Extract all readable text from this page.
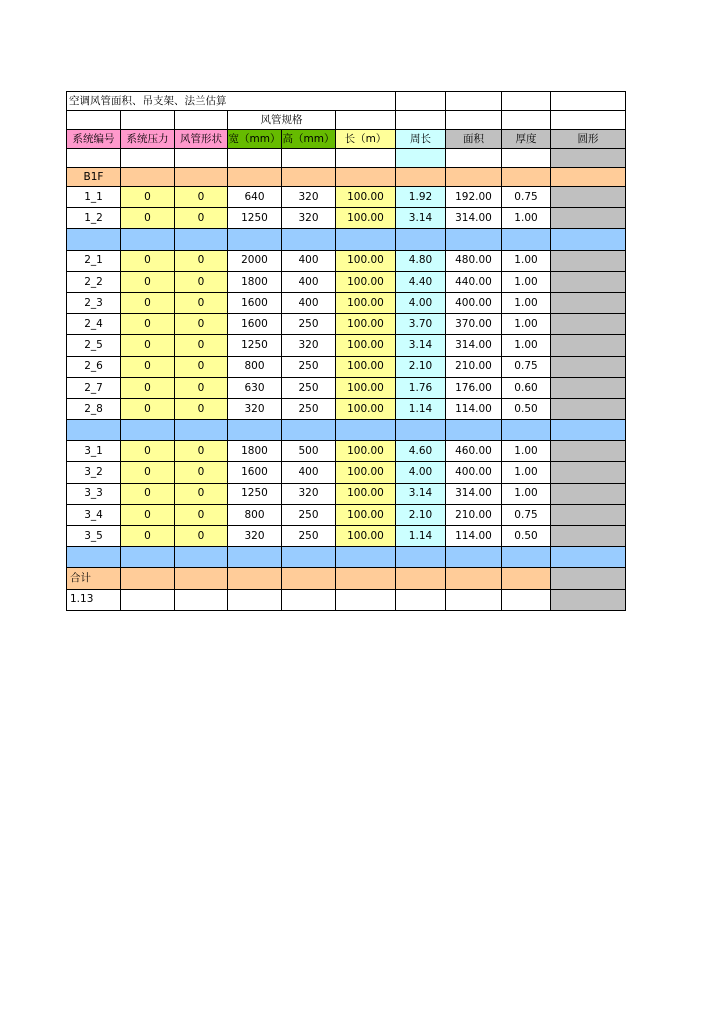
空调风管面积、吊支架、法兰估算									
			风管规格						
系统编号	系统压力	风管形状	宽（mm）	高（mm）	长（m）	周长	面积	厚度	圆形

B1F									
1_1	0	0	640	320	100.00	1.92	192.00	0.75	
1_2	0	0	1250	320	100.00	3.14	314.00	1.00	

2_1	0	0	2000	400	100.00	4.80	480.00	1.00	
2_2	0	0	1800	400	100.00	4.40	440.00	1.00	
2_3	0	0	1600	400	100.00	4.00	400.00	1.00	
2_4	0	0	1600	250	100.00	3.70	370.00	1.00	
2_5	0	0	1250	320	100.00	3.14	314.00	1.00	
2_6	0	0	800	250	100.00	2.10	210.00	0.75	
2_7	0	0	630	250	100.00	1.76	176.00	0.60	
2_8	0	0	320	250	100.00	1.14	114.00	0.50	

3_1	0	0	1800	500	100.00	4.60	460.00	1.00	
3_2	0	0	1600	400	100.00	4.00	400.00	1.00	
3_3	0	0	1250	320	100.00	3.14	314.00	1.00	
3_4	0	0	800	250	100.00	2.10	210.00	0.75	
3_5	0	0	320	250	100.00	1.14	114.00	0.50	

合计									
1.13									
